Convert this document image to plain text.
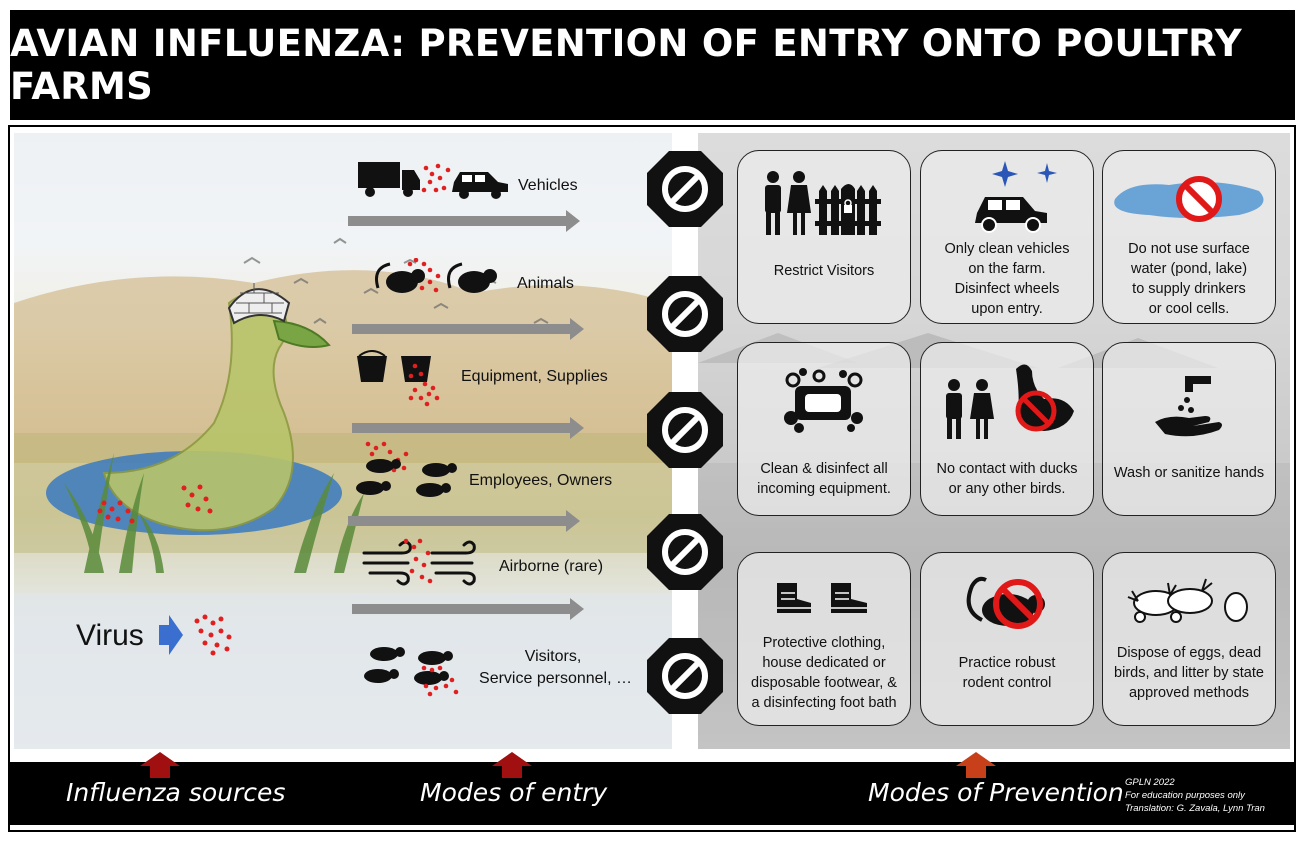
AVIAN INFLUENZA: PREVENTION OF ENTRY ONTO POULTRY FARMS
Virus
Vehicles
Animals
Equipment, Supplies
Employees, Owners
Airborne (rare)
Visitors,
Service personnel, …
Restrict Visitors
Only clean vehicles
on the farm.
Disinfect wheels
upon entry.
Do not use surface
water (pond, lake)
to supply drinkers
or cool cells.
Clean & disinfect all
incoming equipment.
No contact with ducks
or any other birds.
Wash or sanitize hands
Protective clothing,
house dedicated or
disposable footwear, &
a disinfecting foot bath
Practice robust
rodent control
Dispose of eggs, dead
birds, and litter by state
approved methods
Influenza sources	Modes of entry	Modes of Prevention GPLN 2022
For education purposes only
Translation: G. Zavala, Lynn Tran
